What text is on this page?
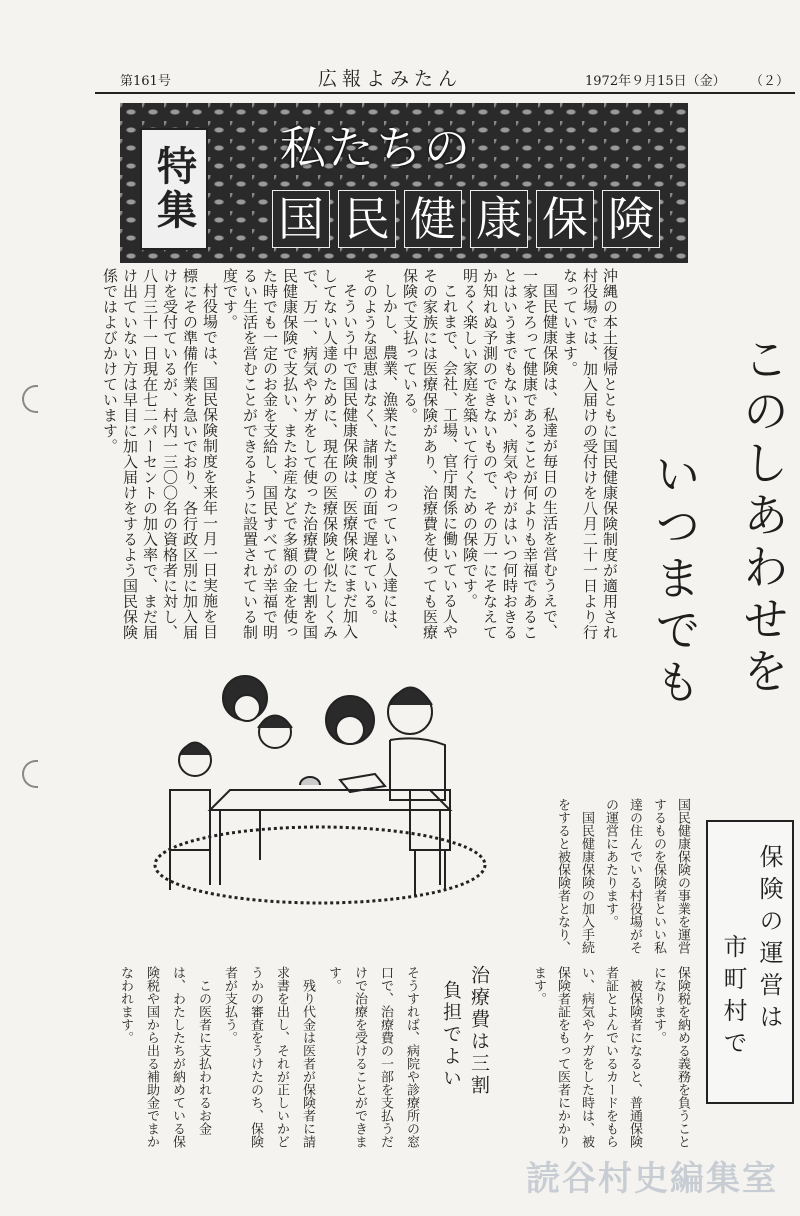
第161号	広報よみたん	1972年９月15日（金） （２）
特集 私たちの
国 民 健 康 保 険

沖縄の本土復帰とともに国民健康保険制度が適用され村役場では、加入届けの受付けを八月二十一日より行なっています。

国民健康保険は、私達が毎日の生活を営むうえで、一家そろって健康であることが何よりも幸福であることはいうまでもないが、病気やけがはいつ何時おきるか知れぬ予測のできないもので、その万一にそなえて明るく楽しい家庭を築いて行くための保険です。

これまで、会社、工場、官庁関係に働いている人やその家族には医療保険があり、治療費を使っても医療保険で支払っている。

しかし、農業、漁業にたずさわっている人達には、そのような恩恵はなく、諸制度の面で遅れている。

そういう中で国民健康保険は、医療保険にまだ加入してない人達のために、現在の医療保険と似たしくみで、万一、病気やケガをして使った治療費の七割を国民健康保険で支払い、またお産などで多額の金を使った時でも一定のお金を支給し、国民すべてが幸福で明るい生活を営むことができるように設置されている制度です。

村役場では、国民保険制度を来年一月一日実施を目標にその準備作業を急いでおり、各行政区別に加入届けを受付ているが、村内一三〇〇名の資格者に対し、八月三十一日現在七二パーセントの加入率で、まだ届け出ていない方は早目に加入届けをするよう国民保険係ではよびかけています。	このしあわせを
いつまでも
保険の運営は
市町村で

国民健康保険の事業を運営するものを保険者といい私達の住んでいる村役場がその運営にあたります。

国民健康保険の加入手続をすると被保険者となり、

保険税を納める義務を負うことになります。

被保険者になると、普通保険者証とよんでいるカードをもらい、病気やケガをした時は、被保険者証をもって医者にかかります。

治療費は三割
負担でよい

そうすれば、病院や診療所の窓口で、治療費の一部を支払うだけで治療を受けることができます。

残り代金は医者が保険者に請求書を出し、それが正しいかどうかの審査をうけたのち、保険者が支払う。

この医者に支払われるお金は、わたしたちが納めている保険税や国から出る補助金でまかなわれます。

読谷村史編集室
